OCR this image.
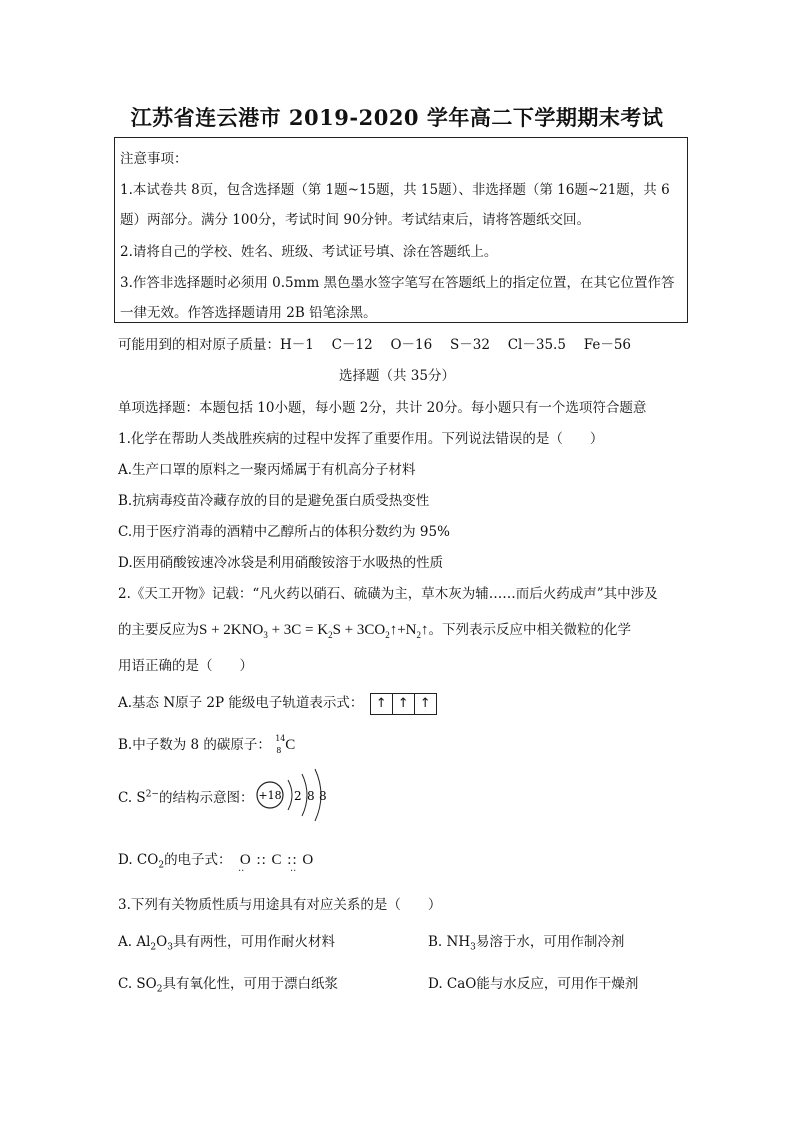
江苏省连云港市 2019-2020 学年高二下学期期末考试
注意事项：
1.本试卷共 8页，包含选择题（第 1题~15题，共 15题）、非选择题（第 16题~21题，共 6
题）两部分。满分 100分，考试时间 90分钟。考试结束后，请将答题纸交回。
2.请将自己的学校、姓名、班级、考试证号填、涂在答题纸上。
3.作答非选择题时必须用 0.5mm 黑色墨水签字笔写在答题纸上的指定位置，在其它位置作答
一律无效。作答选择题请用 2B 铅笔涂黑。
可能用到的相对原子质量：H－1　 C－12　 O－16　 S－32　 Cl－35.5　 Fe－56
选择题（共 35分）
单项选择题：本题包括 10小题，每小题 2分，共计 20分。每小题只有一个选项符合题意
1.化学在帮助人类战胜疾病的过程中发挥了重要作用。下列说法错误的是（　　）
A.生产口罩的原料之一聚丙烯属于有机高分子材料
B.抗病毒疫苗冷藏存放的目的是避免蛋白质受热变性
C.用于医疗消毒的酒精中乙醇所占的体积分数约为 95%
D.医用硝酸铵速冷冰袋是利用硝酸铵溶于水吸热的性质
2.《天工开物》记载：“凡火药以硝石、硫磺为主，草木灰为辅……而后火药成声”其中涉及
的主要反应为$S + 2KNO_3 + 3C = K_2S$ + $3CO_2↑+N_2↑$。下列表示反应中相关微粒的化学
用语正确的是（　　）
A.基态 N原子 2P 能级电子轨道表示式： ↑ ↑ ↑
B.中子数为 8 的碳原子： 14
8 C
C. $S^{2-}$的结构示意图： +18 2 8 8
D. $CO_2$的电子式： O :: C :: O
··	··
3.下列有关物质性质与用途具有对应关系的是（　　）
A. $Al_2O_3$具有两性，可用作耐火材料	B. $NH_3$易溶于水，可用作制冷剂
C. $SO_2$具有氧化性，可用于漂白纸浆	D. CaO能与水反应，可用作干燥剂
